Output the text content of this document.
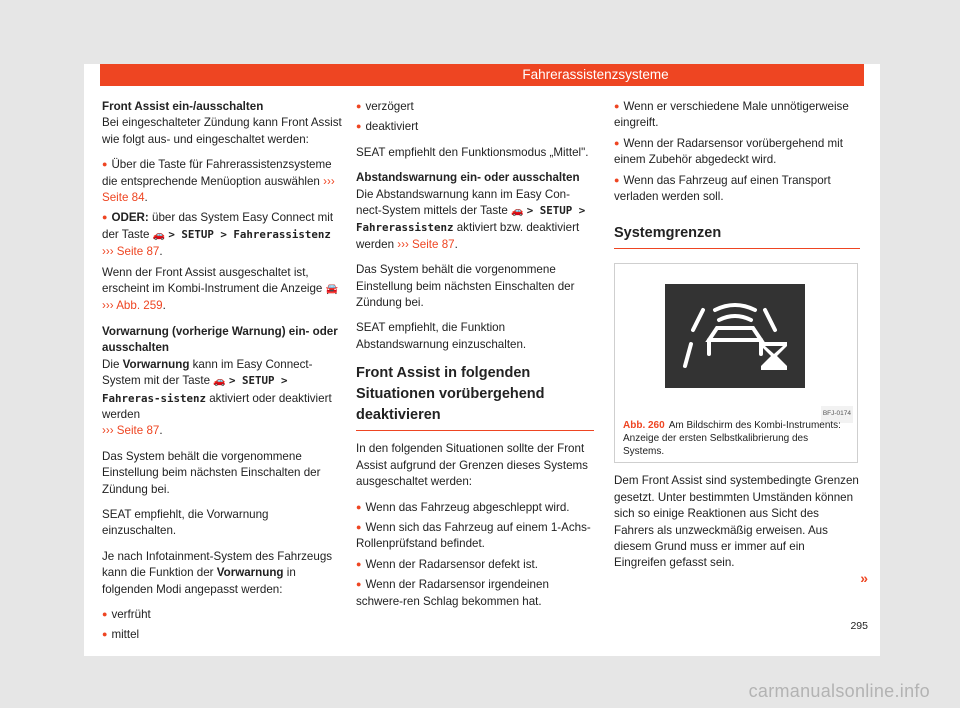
Fahrerassistenzsysteme

Front Assist ein-/ausschalten

Bei eingeschalteter Zündung kann Front Assist wie folgt aus- und eingeschaltet werden:

● Über die Taste für Fahrerassistenzsysteme die entsprechende Menüoption auswählen ››› Seite 84.

● ODER: über das System Easy Connect mit der Taste 🚗 > SETUP > Fahrerassistenz
››› Seite 87.

Wenn der Front Assist ausgeschaltet ist, erscheint im Kombi-Instrument die Anzeige 🚘
››› Abb. 259.

Vorwarnung (vorherige Warnung) ein- oder ausschalten

Die Vorwarnung kann im Easy Connect-System mit der Taste 🚗 > SETUP > Fahreras-sistenz aktiviert oder deaktiviert werden
››› Seite 87.

Das System behält die vorgenommene Einstellung beim nächsten Einschalten der Zündung bei.

SEAT empfiehlt, die Vorwarnung einzuschalten.

Je nach Infotainment-System des Fahrzeugs kann die Funktion der Vorwarnung in folgenden Modi angepasst werden:

● verfrüht

● mittel

● verzögert

● deaktiviert

SEAT empfiehlt den Funktionsmodus „Mittel".

Abstandswarnung ein- oder ausschalten

Die Abstandswarnung kann im Easy Con-nect-System mittels der Taste 🚗 > SETUP > Fahrerassistenz aktiviert bzw. deaktiviert werden ››› Seite 87.

Das System behält die vorgenommene Einstellung beim nächsten Einschalten der Zündung bei.

SEAT empfiehlt, die Funktion Abstandswarnung einzuschalten.

Front Assist in folgenden Situationen vorübergehend deaktivieren

In den folgenden Situationen sollte der Front Assist aufgrund der Grenzen dieses Systems ausgeschaltet werden:

● Wenn das Fahrzeug abgeschleppt wird.

● Wenn sich das Fahrzeug auf einem 1-Achs-Rollenprüfstand befindet.

● Wenn der Radarsensor defekt ist.

● Wenn der Radarsensor irgendeinen schwere-ren Schlag bekommen hat.

● Wenn er verschiedene Male unnötigerweise eingreift.

● Wenn der Radarsensor vorübergehend mit einem Zubehör abgedeckt wird.

● Wenn das Fahrzeug auf einen Transport verladen werden soll.

Systemgrenzen
BFJ-0174
Abb. 260 Am Bildschirm des Kombi-Instruments: Anzeige der ersten Selbstkalibrierung des Systems.

Dem Front Assist sind systembedingte Grenzen gesetzt. Unter bestimmten Umständen können sich so einige Reaktionen aus Sicht des Fahrers als unzweckmäßig erweisen. Aus diesem Grund muss er immer auf ein Eingreifen gefasst sein.

»
295
carmanualsonline.info
